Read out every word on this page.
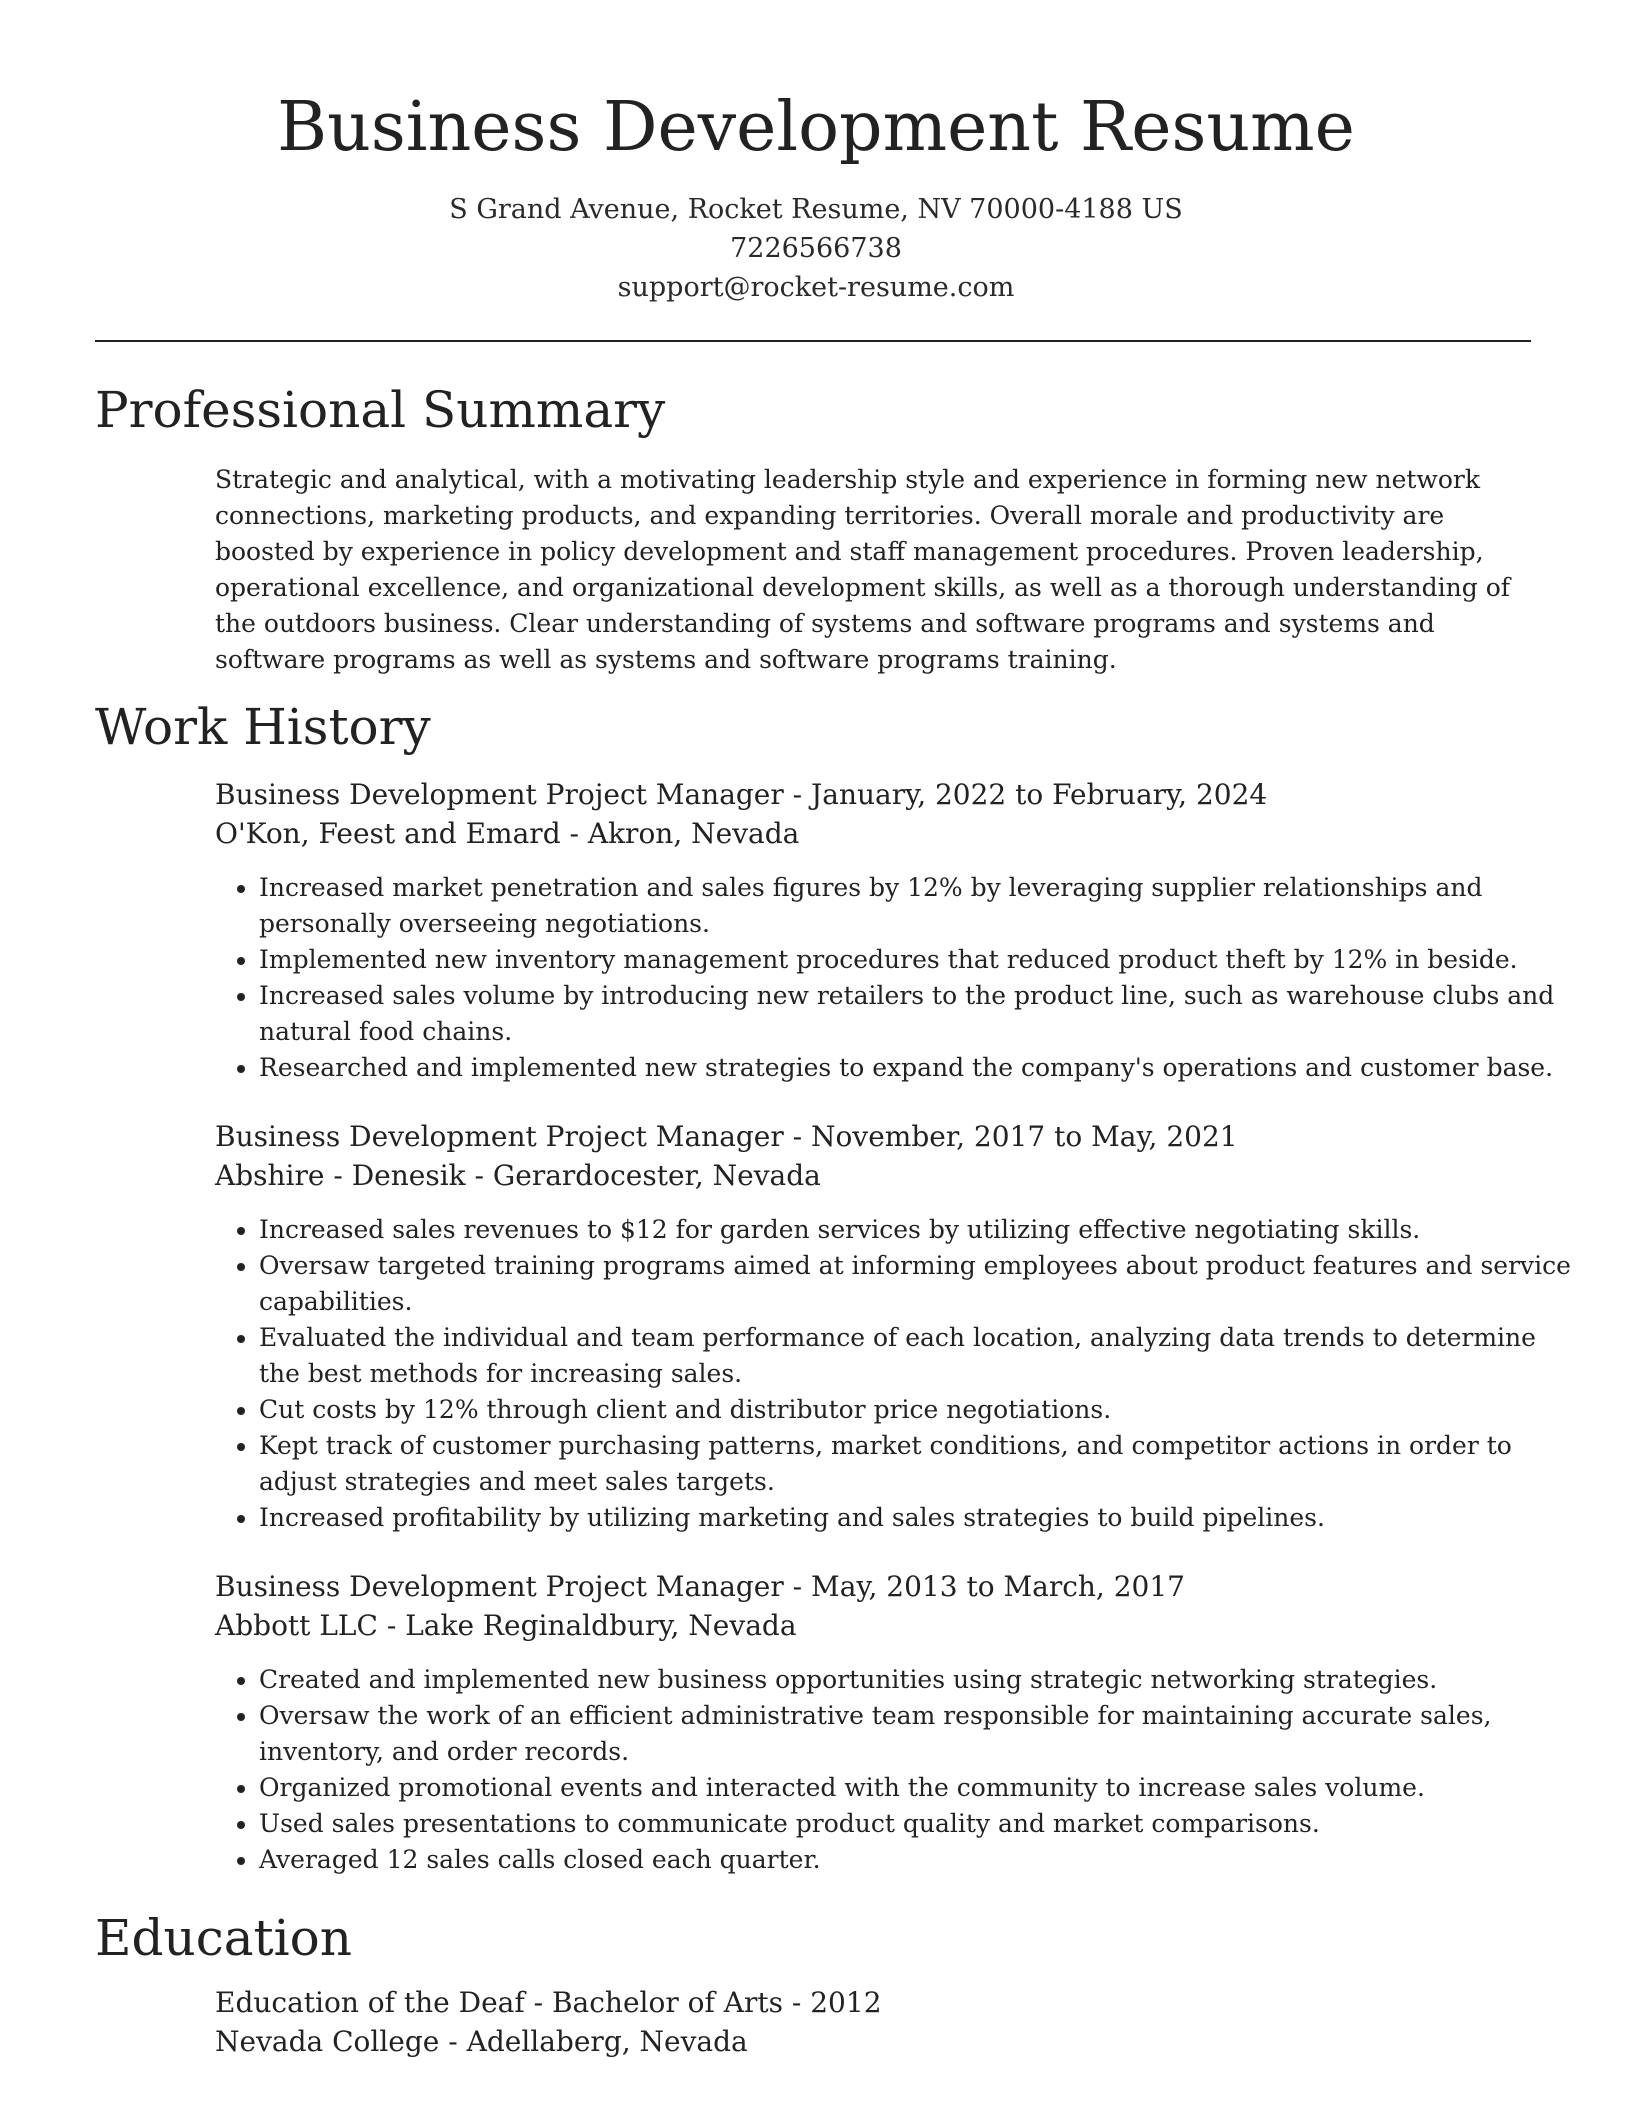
Business Development Resume
S Grand Avenue, Rocket Resume, NV 70000-4188 US
7226566738
support@rocket-resume.com
Professional Summary

Strategic and analytical, with a motivating leadership style and experience in forming new network connections, marketing products, and expanding territories. Overall morale and productivity are boosted by experience in policy development and staff management procedures. Proven leadership, operational excellence, and organizational development skills, as well as a thorough understanding of the outdoors business. Clear understanding of systems and software programs and systems and software programs as well as systems and software programs training.

Work History
Business Development Project Manager - January, 2022 to February, 2024
O'Kon, Feest and Emard - Akron, Nevada
• Increased market penetration and sales figures by 12% by leveraging supplier relationships and personally overseeing negotiations.
• Implemented new inventory management procedures that reduced product theft by 12% in beside.
• Increased sales volume by introducing new retailers to the product line, such as warehouse clubs and natural food chains.
• Researched and implemented new strategies to expand the company's operations and customer base.
Business Development Project Manager - November, 2017 to May, 2021
Abshire - Denesik - Gerardocester, Nevada
• Increased sales revenues to $12 for garden services by utilizing effective negotiating skills.
• Oversaw targeted training programs aimed at informing employees about product features and service capabilities.
• Evaluated the individual and team performance of each location, analyzing data trends to determine the best methods for increasing sales.
• Cut costs by 12% through client and distributor price negotiations.
• Kept track of customer purchasing patterns, market conditions, and competitor actions in order to adjust strategies and meet sales targets.
• Increased profitability by utilizing marketing and sales strategies to build pipelines.
Business Development Project Manager - May, 2013 to March, 2017
Abbott LLC - Lake Reginaldbury, Nevada
• Created and implemented new business opportunities using strategic networking strategies.
• Oversaw the work of an efficient administrative team responsible for maintaining accurate sales, inventory, and order records.
• Organized promotional events and interacted with the community to increase sales volume.
• Used sales presentations to communicate product quality and market comparisons.
• Averaged 12 sales calls closed each quarter.
Education
Education of the Deaf - Bachelor of Arts - 2012
Nevada College - Adellaberg, Nevada
